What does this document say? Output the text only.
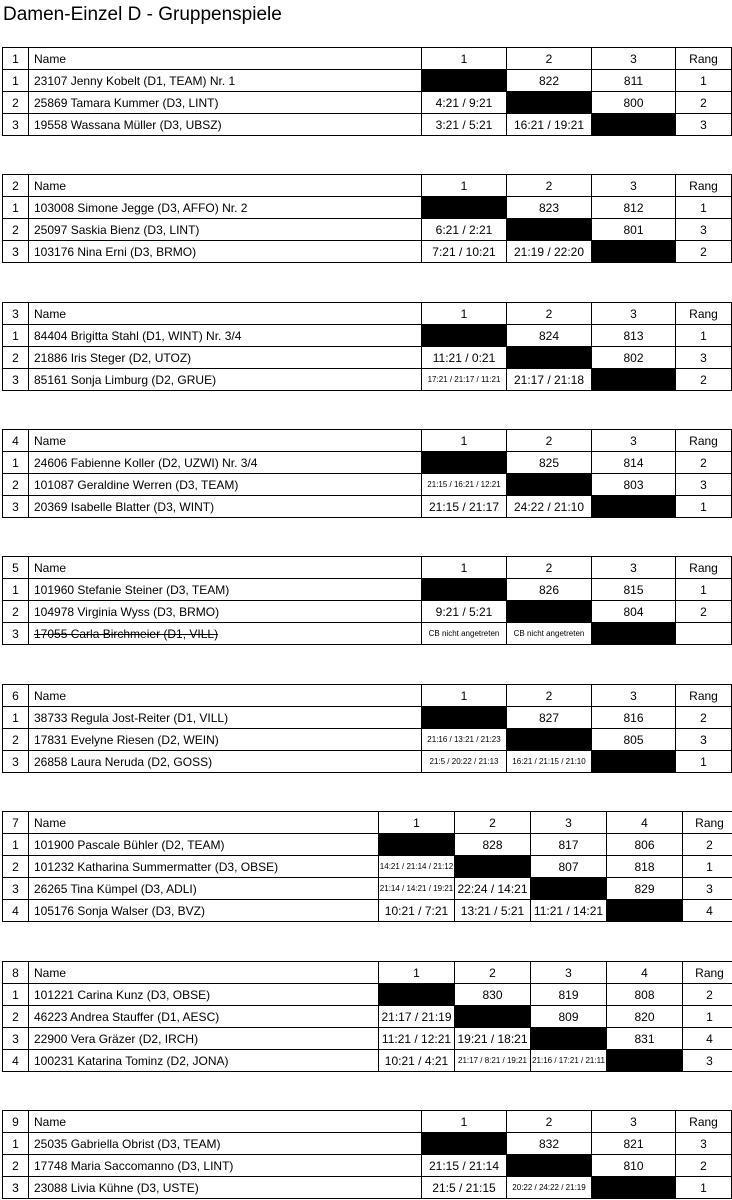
Damen-Einzel D - Gruppenspiele
1	Name	1	2	3	Rang
1	23107 Jenny Kobelt (D1, TEAM) Nr. 1		822	811	1
2	25869 Tamara Kummer (D3, LINT)	4:21 / 9:21		800	2
3	19558 Wassana Müller (D3, UBSZ)	3:21 / 5:21	16:21 / 19:21		3
2	Name	1	2	3	Rang
1	103008 Simone Jegge (D3, AFFO) Nr. 2		823	812	1
2	25097 Saskia Bienz (D3, LINT)	6:21 / 2:21		801	3
3	103176 Nina Erni (D3, BRMO)	7:21 / 10:21	21:19 / 22:20		2
3	Name	1	2	3	Rang
1	84404 Brigitta Stahl (D1, WINT) Nr. 3/4		824	813	1
2	21886 Iris Steger (D2, UTOZ)	11:21 / 0:21		802	3
3	85161 Sonja Limburg (D2, GRUE)	17:21 / 21:17 / 11:21	21:17 / 21:18		2
4	Name	1	2	3	Rang
1	24606 Fabienne Koller (D2, UZWI) Nr. 3/4		825	814	2
2	101087 Geraldine Werren (D3, TEAM)	21:15 / 16:21 / 12:21		803	3
3	20369 Isabelle Blatter (D3, WINT)	21:15 / 21:17	24:22 / 21:10		1
5	Name	1	2	3	Rang
1	101960 Stefanie Steiner (D3, TEAM)		826	815	1
2	104978 Virginia Wyss (D3, BRMO)	9:21 / 5:21		804	2
3	17055 Carla Birchmeier (D1, VILL)	CB nicht angetreten	CB nicht angetreten		
6	Name	1	2	3	Rang
1	38733 Regula Jost-Reiter (D1, VILL)		827	816	2
2	17831 Evelyne Riesen (D2, WEIN)	21:16 / 13:21 / 21:23		805	3
3	26858 Laura Neruda (D2, GOSS)	21:5 / 20:22 / 21:13	16:21 / 21:15 / 21:10		1
7	Name	1	2	3	4	Rang
1	101900 Pascale Bühler (D2, TEAM)		828	817	806	2
2	101232 Katharina Summermatter (D3, OBSE)	14:21 / 21:14 / 21:12		807	818	1
3	26265 Tina Kümpel (D3, ADLI)	21:14 / 14:21 / 19:21	22:24 / 14:21		829	3
4	105176 Sonja Walser (D3, BVZ)	10:21 / 7:21	13:21 / 5:21	11:21 / 14:21		4
8	Name	1	2	3	4	Rang
1	101221 Carina Kunz (D3, OBSE)		830	819	808	2
2	46223 Andrea Stauffer (D1, AESC)	21:17 / 21:19		809	820	1
3	22900 Vera Gräzer (D2, IRCH)	11:21 / 12:21	19:21 / 18:21		831	4
4	100231 Katarina Tominz (D2, JONA)	10:21 / 4:21	21:17 / 8:21 / 19:21	21:16 / 17:21 / 21:11		3
9	Name	1	2	3	Rang
1	25035 Gabriella Obrist (D3, TEAM)		832	821	3
2	17748 Maria Saccomanno (D3, LINT)	21:15 / 21:14		810	2
3	23088 Livia Kühne (D3, USTE)	21:5 / 21:15	20:22 / 24:22 / 21:19		1
